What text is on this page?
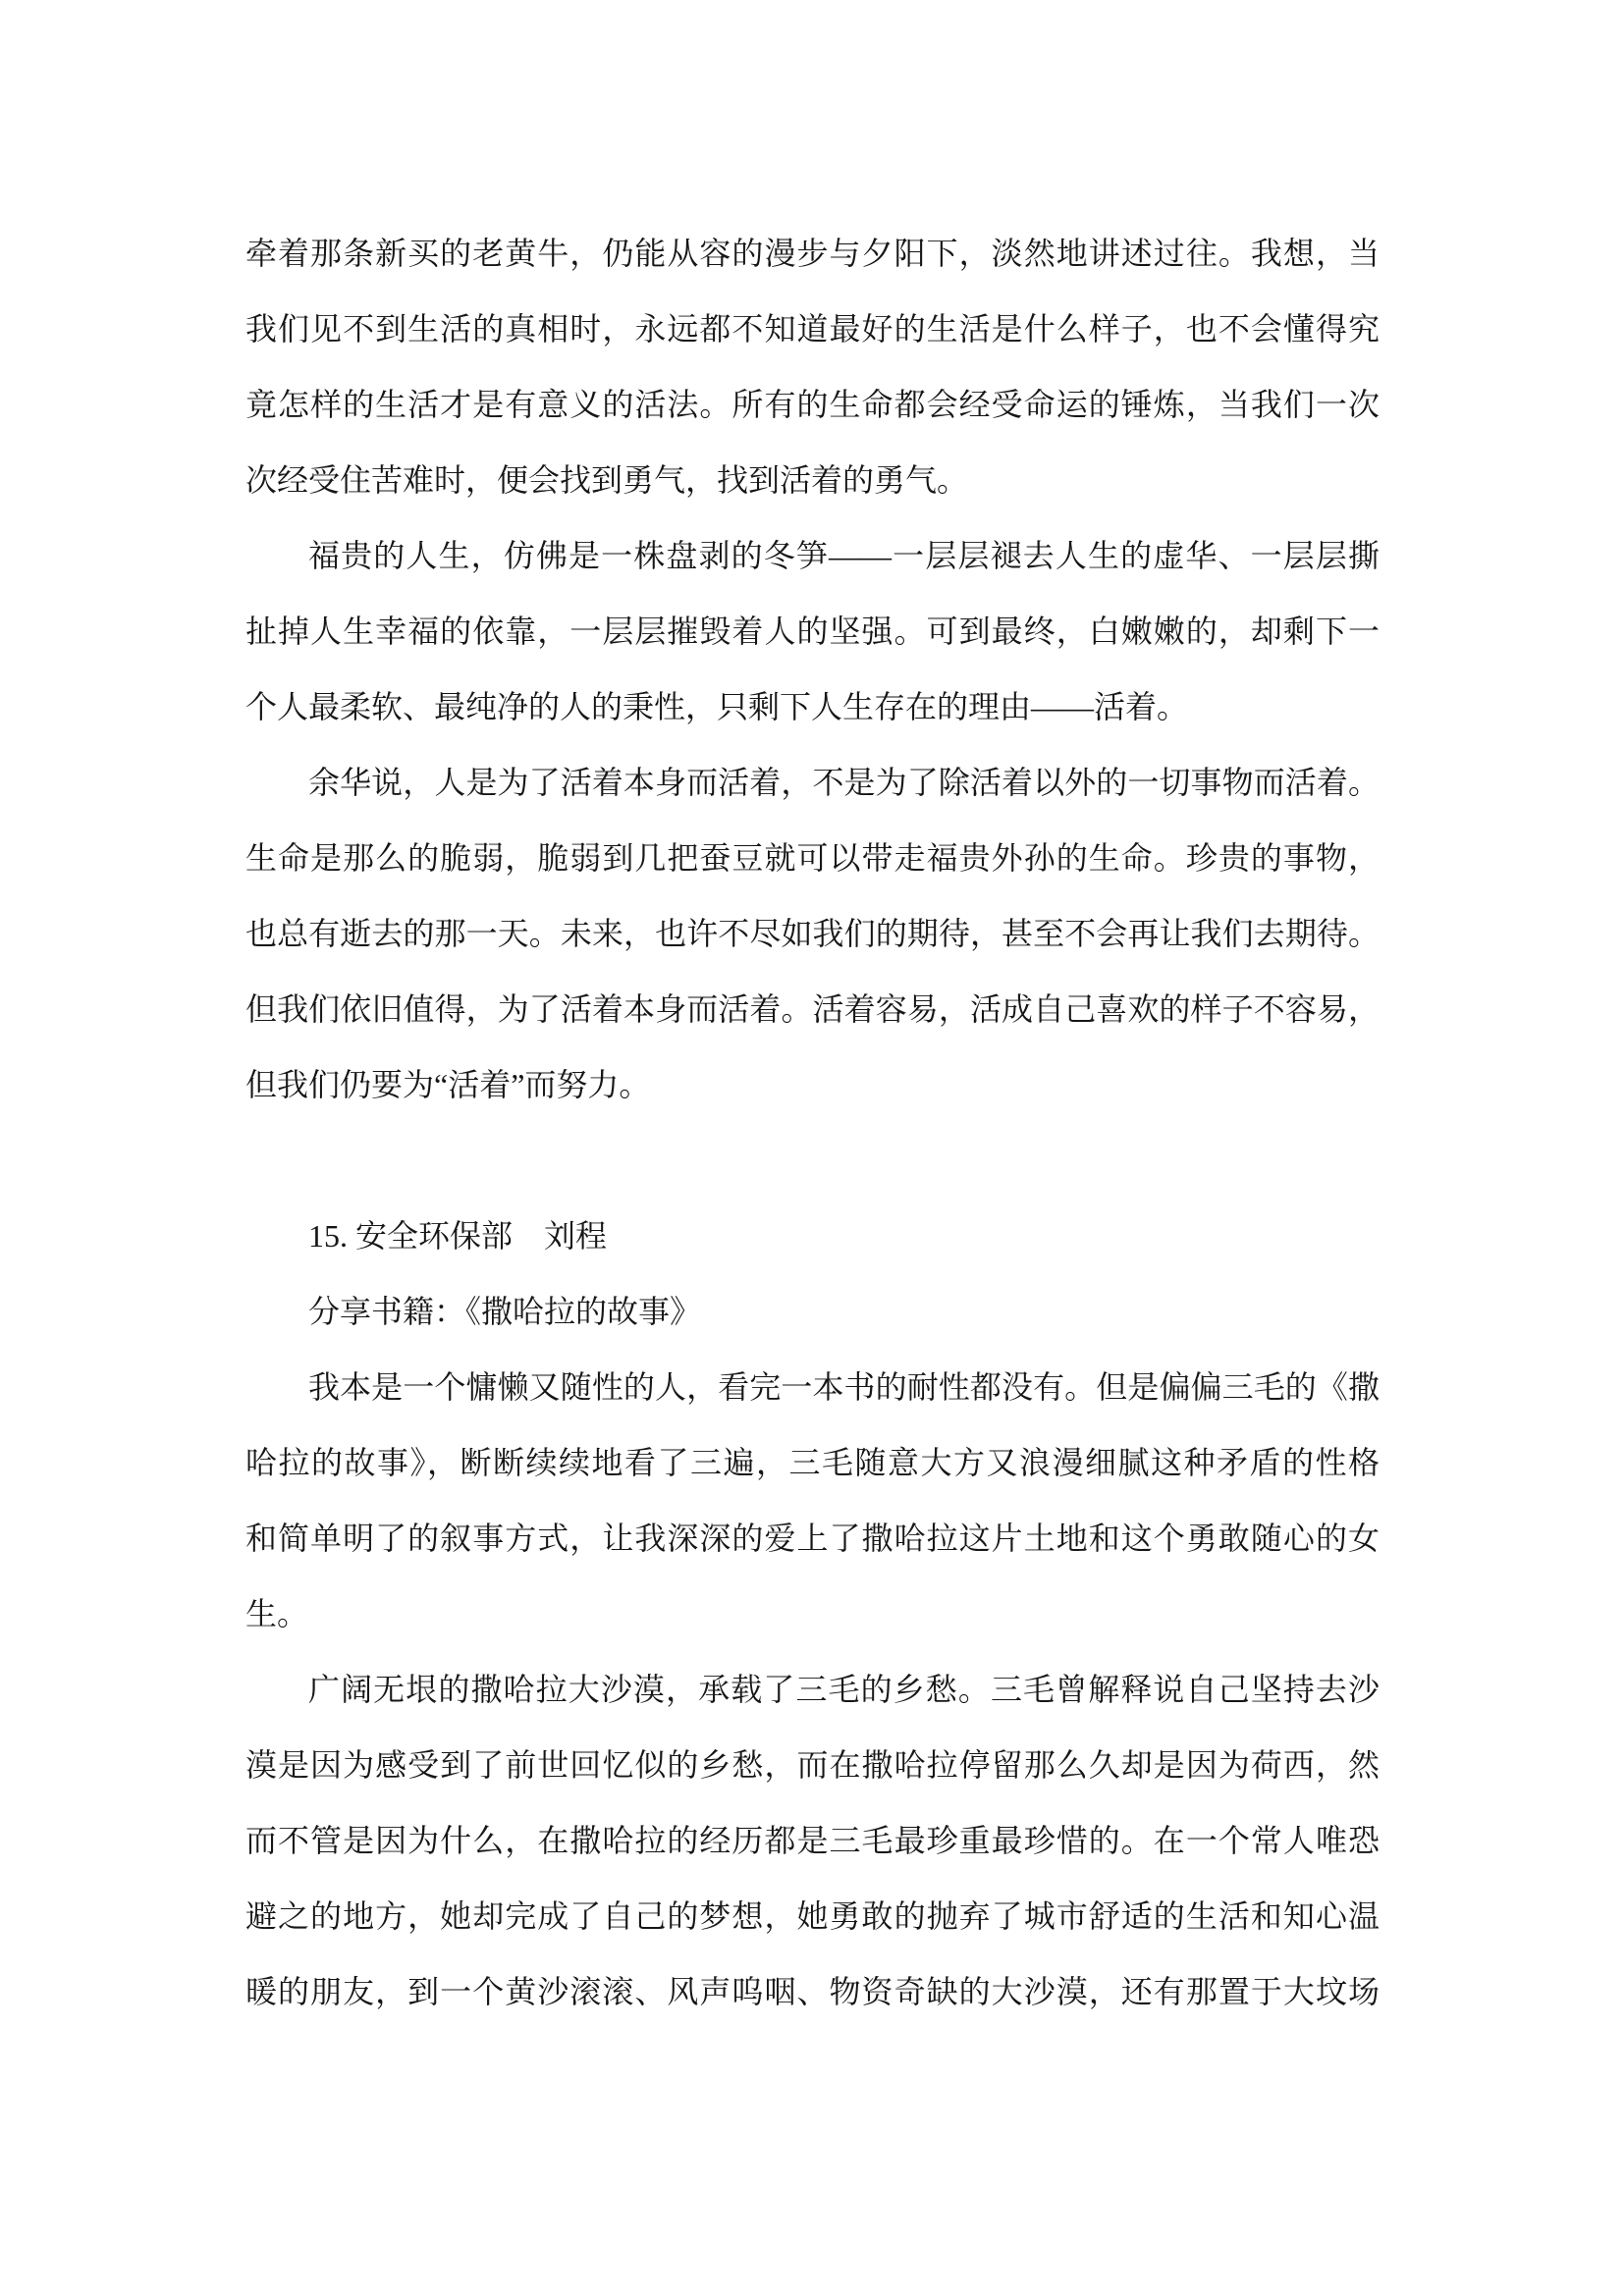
牵着那条新买的老黄牛，仍能从容的漫步与夕阳下，淡然地讲述过往。我想，当
我们见不到生活的真相时，永远都不知道最好的生活是什么样子，也不会懂得究
竟怎样的生活才是有意义的活法。所有的生命都会经受命运的锤炼，当我们一次
次经受住苦难时，便会找到勇气，找到活着的勇气。
福贵的人生，仿佛是一株盘剥的冬笋——一层层褪去人生的虚华、一层层撕
扯掉人生幸福的依靠，一层层摧毁着人的坚强。可到最终，白嫩嫩的，却剩下一
个人最柔软、最纯净的人的秉性，只剩下人生存在的理由——活着。
余华说，人是为了活着本身而活着，不是为了除活着以外的一切事物而活着。
生命是那么的脆弱，脆弱到几把蚕豆就可以带走福贵外孙的生命。珍贵的事物，
也总有逝去的那一天。未来，也许不尽如我们的期待，甚至不会再让我们去期待。
但我们依旧值得，为了活着本身而活着。活着容易，活成自己喜欢的样子不容易，
但我们仍要为“活着”而努力。
15. 安全环保部　刘程
分享书籍：《撒哈拉的故事》
我本是一个慵懒又随性的人，看完一本书的耐性都没有。但是偏偏三毛的《撒
哈拉的故事》，断断续续地看了三遍，三毛随意大方又浪漫细腻这种矛盾的性格
和简单明了的叙事方式，让我深深的爱上了撒哈拉这片土地和这个勇敢随心的女
生。
广阔无垠的撒哈拉大沙漠，承载了三毛的乡愁。三毛曾解释说自己坚持去沙
漠是因为感受到了前世回忆似的乡愁，而在撒哈拉停留那么久却是因为荷西，然
而不管是因为什么，在撒哈拉的经历都是三毛最珍重最珍惜的。在一个常人唯恐
避之的地方，她却完成了自己的梦想，她勇敢的抛弃了城市舒适的生活和知心温
暖的朋友，到一个黄沙滚滚、风声呜咽、物资奇缺的大沙漠，还有那置于大坟场
